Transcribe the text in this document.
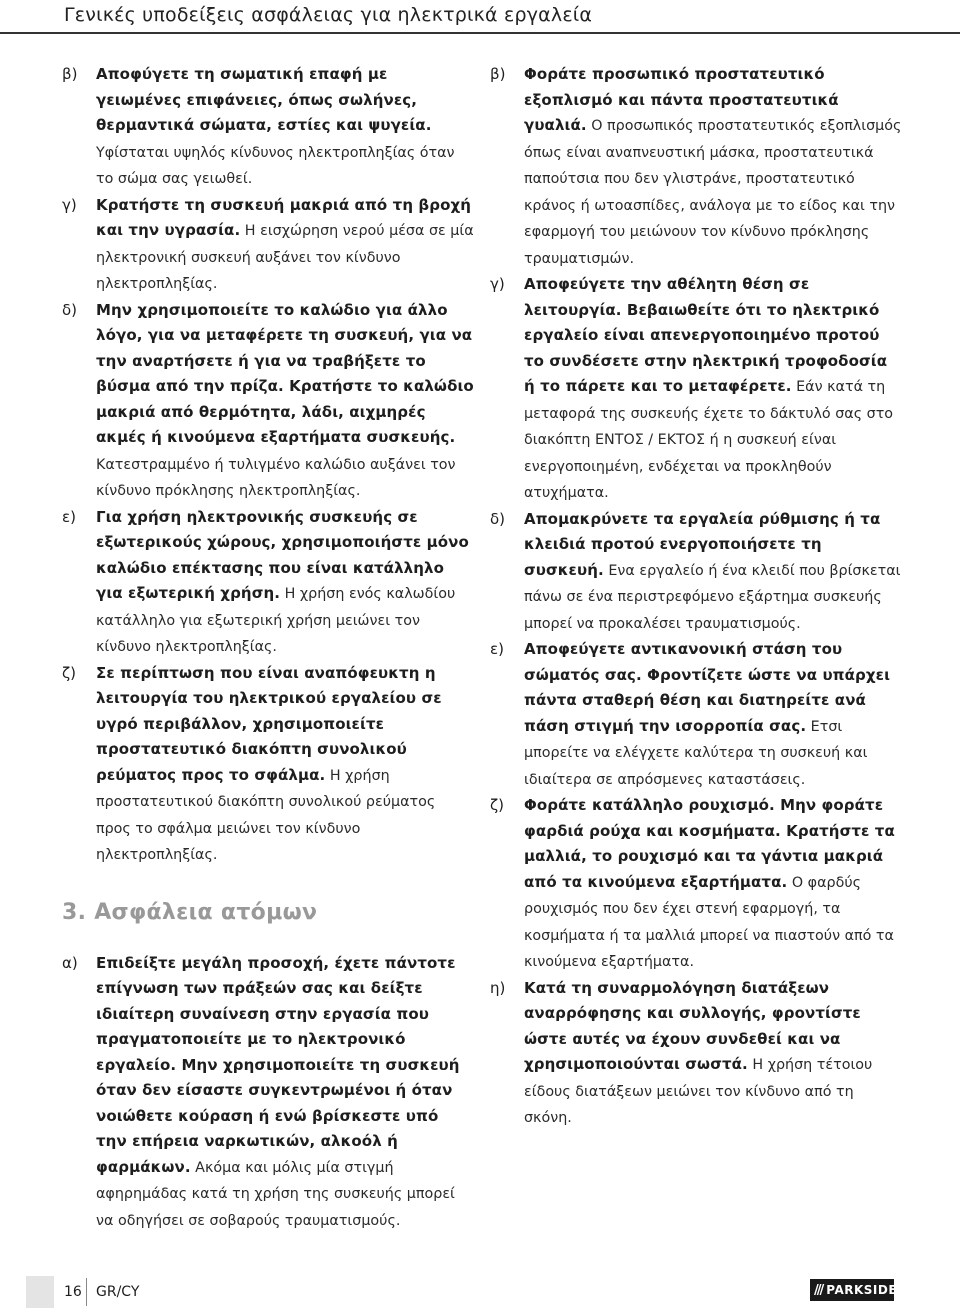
Γενικές υποδείξεις ασφάλειας για ηλεκτρικά εργαλεία
β)	Αποφύγετε τη σωματική επαφή με γειωμένες επιφάνειες, όπως σωλήνες, θερμαντικά σώματα, εστίες και ψυγεία. Υφίσταται υψηλός κίνδυνος ηλεκτροπληξίας όταν το σώμα σας γειωθεί.
γ)	Κρατήστε τη συσκευή μακριά από τη βροχή και την υγρασία. Η εισχώρηση νερού μέσα σε μία ηλεκτρονική συσκευή αυξάνει τον κίνδυνο ηλεκτροπληξίας.
δ)	Μην χρησιμοποιείτε το καλώδιο για άλλο λόγο, για να μεταφέρετε τη συσκευή, για να την αναρτήσετε ή για να τραβήξετε το βύσμα από την πρίζα. Κρατήστε το καλώδιο μακριά από θερμότητα, λάδι, αιχμηρές ακμές ή κινούμενα εξαρτήματα συσκευής. Κατεστραμμένο ή τυλιγμένο καλώδιο αυξάνει τον κίνδυνο πρόκλησης ηλεκτροπληξίας.
ε)	Για χρήση ηλεκτρονικής συσκευής σε εξωτερικούς χώρους, χρησιμοποιήστε μόνο καλώδιο επέκτασης που είναι κατάλληλο για εξωτερική χρήση. Η χρήση ενός καλωδίου κατάλληλο για εξωτερική χρήση μειώνει τον κίνδυνο ηλεκτροπληξίας.
ζ)	Σε περίπτωση που είναι αναπόφευκτη η λειτουργία του ηλεκτρικού εργαλείου σε υγρό περιβάλλον, χρησιμοποιείτε προστατευτικό διακόπτη συνολικού ρεύματος προς το σφάλμα. Η χρήση προστατευτικού διακόπτη συνολικού ρεύματος προς το σφάλμα μειώνει τον κίνδυνο ηλεκτροπληξίας.
3. Ασφάλεια ατόμων
α)	Επιδείξτε μεγάλη προσοχή, έχετε πάντοτε επίγνωση των πράξεών σας και δείξτε ιδιαίτερη συναίνεση στην εργασία που πραγματοποιείτε με το ηλεκτρονικό εργαλείο. Μην χρησιμοποιείτε τη συσκευή όταν δεν είσαστε συγκεντρωμένοι ή όταν νοιώθετε κούραση ή ενώ βρίσκεστε υπό την επήρεια ναρκωτικών, αλκοόλ ή φαρμάκων. Ακόμα και μόλις μία στιγμή αφηρημάδας κατά τη χρήση της συσκευής μπορεί να οδηγήσει σε σοβαρούς τραυματισμούς.
β)	Φοράτε προσωπικό προστατευτικό εξοπλισμό και πάντα προστατευτικά γυαλιά. Ο προσωπικός προστατευτικός εξοπλισμός όπως είναι αναπνευστική μάσκα, προστατευτικά παπούτσια που δεν γλιστράνε, προστατευτικό κράνος ή ωτοασπίδες, ανάλογα με το είδος και την εφαρμογή του μειώνουν τον κίνδυνο πρόκλησης τραυματισμών.
γ)	Αποφεύγετε την αθέλητη θέση σε λειτουργία. Βεβαιωθείτε ότι το ηλεκτρικό εργαλείο είναι απενεργοποιημένο προτού το συνδέσετε στην ηλεκτρική τροφοδοσία ή το πάρετε και το μεταφέρετε. Εάν κατά τη μεταφορά της συσκευής έχετε το δάκτυλό σας στο διακόπτη ΕΝΤΟΣ / ΕΚΤΟΣ ή η συσκευή είναι ενεργοποιημένη, ενδέχεται να προκληθούν ατυχήματα.
δ)	Απομακρύνετε τα εργαλεία ρύθμισης ή τα κλειδιά προτού ενεργοποιήσετε τη συσκευή. Ενα εργαλείο ή ένα κλειδί που βρίσκεται πάνω σε ένα περιστρεφόμενο εξάρτημα συσκευής μπορεί να προκαλέσει τραυματισμούς.
ε)	Αποφεύγετε αντικανονική στάση του σώματός σας. Φροντίζετε ώστε να υπάρχει πάντα σταθερή θέση και διατηρείτε ανά πάση στιγμή την ισορροπία σας. Ετσι μπορείτε να ελέγχετε καλύτερα τη συσκευή και ιδιαίτερα σε απρόσμενες καταστάσεις.
ζ)	Φοράτε κατάλληλο ρουχισμό. Μην φοράτε φαρδιά ρούχα και κοσμήματα. Κρατήστε τα μαλλιά, το ρουχισμό και τα γάντια μακριά από τα κινούμενα εξαρτήματα. Ο φαρδύς ρουχισμός που δεν έχει στενή εφαρμογή, τα κοσμήματα ή τα μαλλιά μπορεί να πιαστούν από τα κινούμενα εξαρτήματα.
η)	Κατά τη συναρμολόγηση διατάξεων αναρρόφησης και συλλογής, φροντίστε ώστε αυτές να έχουν συνδεθεί και να χρησιμοποιούνται σωστά. Η χρήση τέτοιου είδους διατάξεων μειώνει τον κίνδυνο από τη σκόνη.
16 GR/CY	/// PARKSIDE
